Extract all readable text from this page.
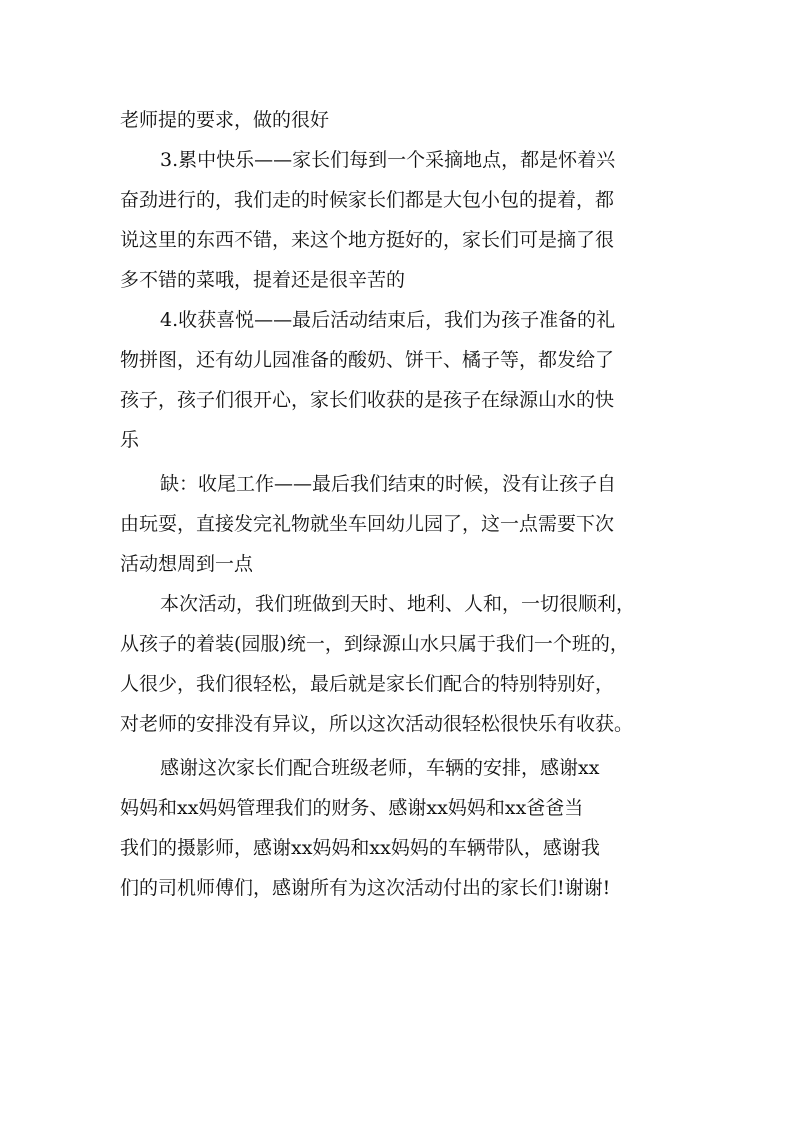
老师提的要求，做的很好
3.累中快乐——家长们每到一个采摘地点，都是怀着兴
奋劲进行的，我们走的时候家长们都是大包小包的提着，都
说这里的东西不错，来这个地方挺好的，家长们可是摘了很
多不错的菜哦，提着还是很辛苦的
4.收获喜悦——最后活动结束后，我们为孩子准备的礼
物拼图，还有幼儿园准备的酸奶、饼干、橘子等，都发给了
孩子，孩子们很开心，家长们收获的是孩子在绿源山水的快
乐
缺：收尾工作——最后我们结束的时候，没有让孩子自
由玩耍，直接发完礼物就坐车回幼儿园了，这一点需要下次
活动想周到一点
本次活动，我们班做到天时、地利、人和，一切很顺利，
从孩子的着装(园服)统一，到绿源山水只属于我们一个班的，
人很少，我们很轻松，最后就是家长们配合的特别特别好，
对老师的安排没有异议，所以这次活动很轻松很快乐有收获。
感谢这次家长们配合班级老师，车辆的安排，感谢xx
妈妈和xx妈妈管理我们的财务、感谢xx妈妈和xx爸爸当
我们的摄影师，感谢xx妈妈和xx妈妈的车辆带队，感谢我
们的司机师傅们，感谢所有为这次活动付出的家长们!谢谢!
